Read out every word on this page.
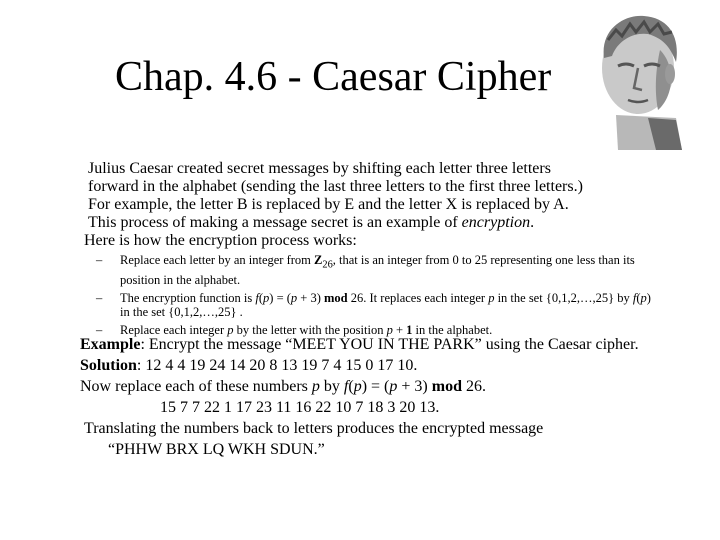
Chap. 4.6 - Caesar Cipher

Julius Caesar created secret messages by shifting each letter three letters

forward in the alphabet (sending the last three letters to the first three letters.)

For example, the letter B is replaced by E and the letter X is replaced by A.

This process of making a message secret is an example of encryption.

Here is how the encryption process works:
– Replace each letter by an integer from $Z_{26}$, that is an integer from 0 to 25 representing one less than its position in the alphabet.
– The encryption function is f(p) = (p + 3) mod 26. It replaces each integer p in the set {0,1,2,…,25} by f(p) in the set {0,1,2,…,25} .
– Replace each integer p by the letter with the position p + 1 in the alphabet.

Example: Encrypt the message “MEET YOU IN THE PARK” using the Caesar cipher.

Solution: 12 4 4 19 24 14 20 8 13 19 7 4 15 0 17 10.

Now replace each of these numbers p by f(p) = (p + 3) mod 26.

15 7 7 22 1 17 23 11 16 22 10 7 18 3 20 13.

Translating the numbers back to letters produces the encrypted message

“PHHW BRX LQ WKH SDUN.”
